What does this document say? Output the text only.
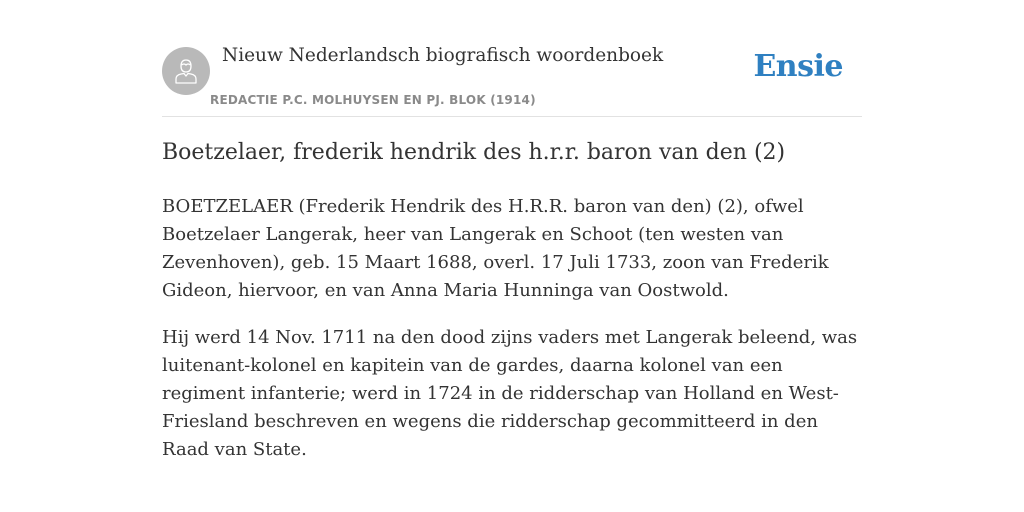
Nieuw Nederlandsch biografisch woordenboek
REDACTIE P.C. MOLHUYSEN EN PJ. BLOK (1914)
Ensie
Boetzelaer, frederik hendrik des h.r.r. baron van den (2)

BOETZELAER (Frederik Hendrik des H.R.R. baron van den) (2), ofwel Boetzelaer Langerak, heer van Langerak en Schoot (ten westen van Zevenhoven), geb. 15 Maart 1688, overl. 17 Juli 1733, zoon van Frederik Gideon, hiervoor, en van Anna Maria Hunninga van Oostwold.

Hij werd 14 Nov. 1711 na den dood zijns vaders met Langerak beleend, was luitenant-kolonel en kapitein van de gardes, daarna kolonel van een regiment infanterie; werd in 1724 in de ridderschap van Holland en West-Friesland beschreven en wegens die ridderschap gecommitteerd in den Raad van State.
